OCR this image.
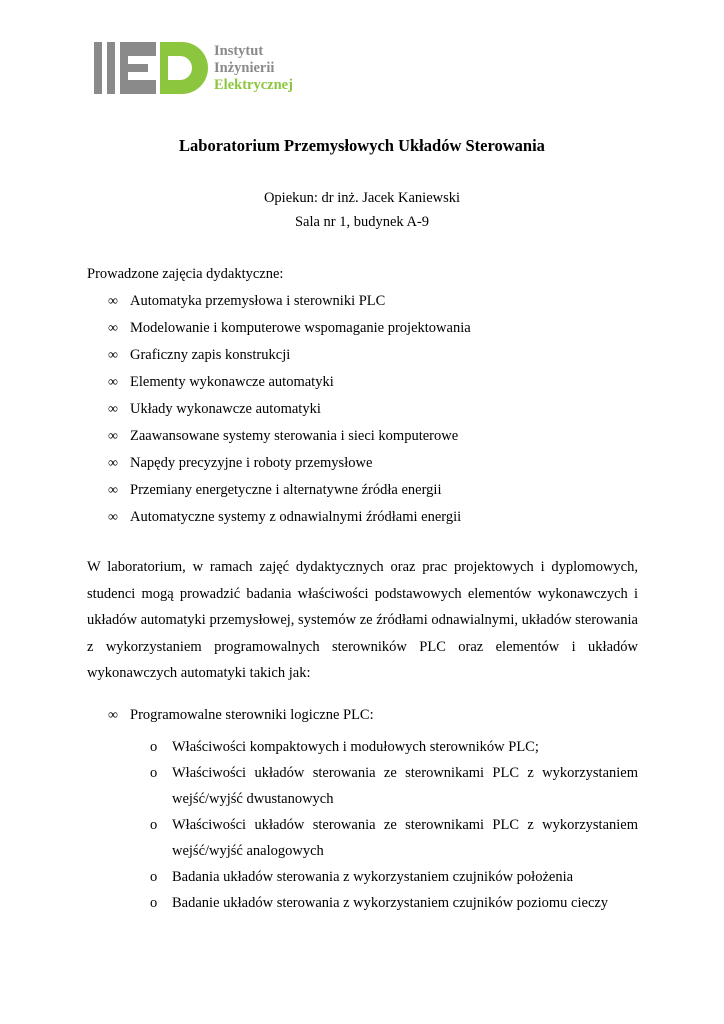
Instytut
Inżynierii
Elektrycznej
Laboratorium Przemysłowych Układów Sterowania
Opiekun: dr inż. Jacek Kaniewski
Sala nr 1, budynek A-9
Prowadzone zajęcia dydaktyczne:
∞ Automatyka przemysłowa i sterowniki PLC
∞ Modelowanie i komputerowe wspomaganie projektowania
∞ Graficzny zapis konstrukcji
∞ Elementy wykonawcze automatyki
∞ Układy wykonawcze automatyki
∞ Zaawansowane systemy sterowania i sieci komputerowe
∞ Napędy precyzyjne i roboty przemysłowe
∞ Przemiany energetyczne i alternatywne źródła energii
∞ Automatyczne systemy z odnawialnymi źródłami energii
W laboratorium, w ramach zajęć dydaktycznych oraz prac projektowych i dyplomowych, studenci mogą prowadzić badania właściwości podstawowych elementów wykonawczych i układów automatyki przemysłowej, systemów ze źródłami odnawialnymi, układów sterowania z wykorzystaniem programowalnych sterowników PLC oraz elementów i układów wykonawczych automatyki takich jak:
∞ Programowalne sterowniki logiczne PLC:
o Właściwości kompaktowych i modułowych sterowników PLC;
o Właściwości układów sterowania ze sterownikami PLC z wykorzystaniem wejść/wyjść dwustanowych
o Właściwości układów sterowania ze sterownikami PLC z wykorzystaniem wejść/wyjść analogowych
o Badania układów sterowania z wykorzystaniem czujników położenia
o Badanie układów sterowania z wykorzystaniem czujników poziomu cieczy
